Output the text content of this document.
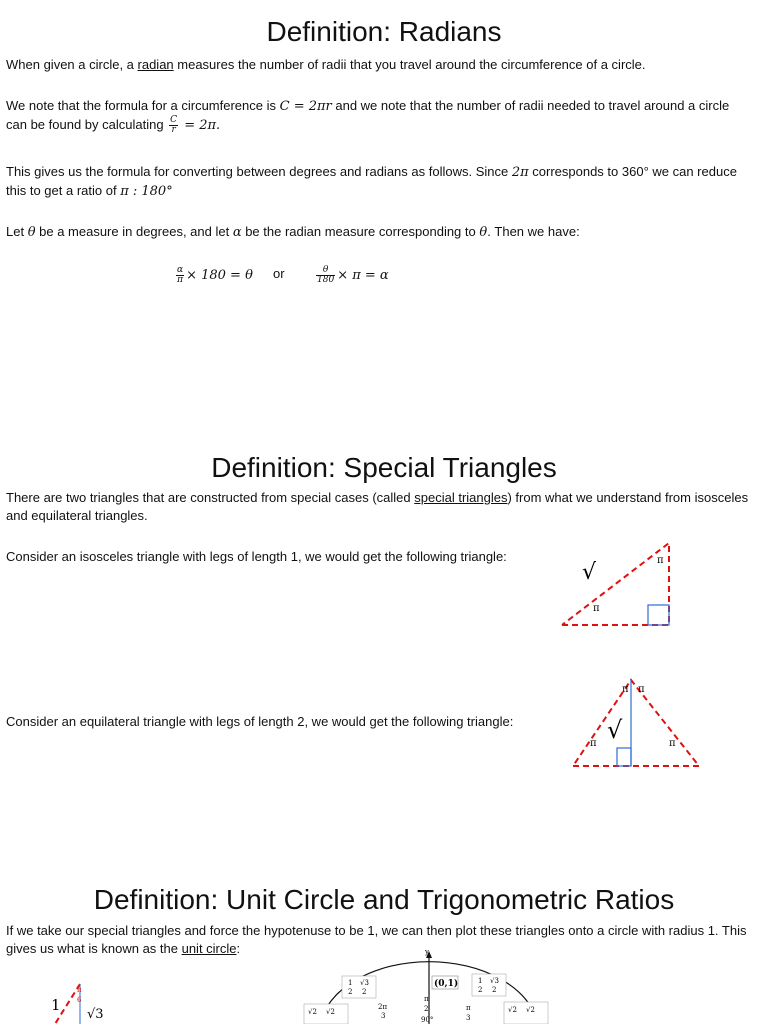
Definition: Radians

When given a circle, a radian measures the number of radii that you travel around the circumference of a circle.

We note that the formula for a circumference is C = 2πr and we note that the number of radii needed to travel around a circle
can be found by calculating $\frac{C}{r} = 2\pi$.

This gives us the formula for converting between degrees and radians as follows. Since 2π corresponds to 360° we can reduce
this to get a ratio of π : 180°

Let θ be a measure in degrees, and let α be the radian measure corresponding to θ. Then we have:

$\frac{\alpha}{\pi} \times 180 = \theta$ or	$\frac{\theta}{180} \times \pi = \alpha$
Definition: Special Triangles

There are two triangles that are constructed from special cases (called special triangles) from what we understand from isosceles
and equilateral triangles.

Consider an isosceles triangle with legs of length 1, we would get the following triangle:

√
π
π

Consider an equilateral triangle with legs of length 2, we would get the following triangle:	√
π	π
π π
Definition: Unit Circle and Trigonometric Ratios

If we take our special triangles and force the hypotenuse to be 1, we can then plot these triangles onto a circle with radius 1. This
gives us what is known as the unit circle:

1
π
6
√3
y
(0,1)
1
2
√3
2
1
2
√3
2
√2 √2	√2 √2
2π
3
π
2
90°
π
3
